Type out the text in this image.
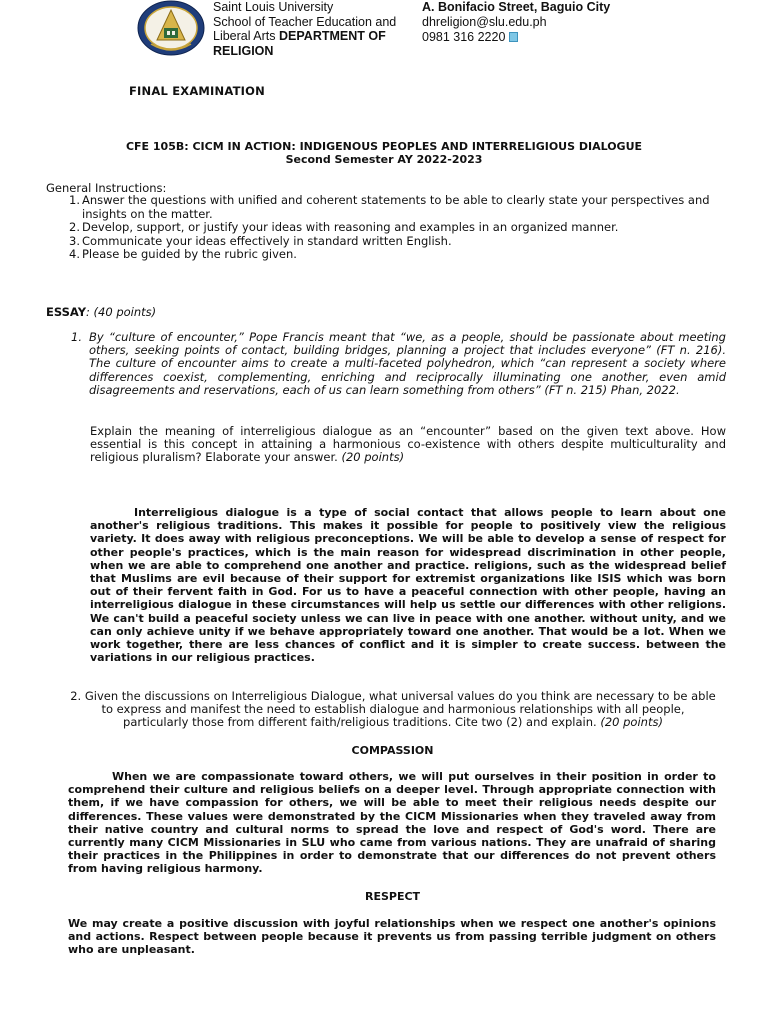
Saint Louis University
School of Teacher Education and
Liberal Arts DEPARTMENT OF
RELIGION
A. Bonifacio Street, Baguio City
dhreligion@slu.edu.ph
0981 316 2220
FINAL EXAMINATION
CFE 105B: CICM IN ACTION: INDIGENOUS PEOPLES AND INTERRELIGIOUS DIALOGUE
Second Semester AY 2022-2023
General Instructions:
1. Answer the questions with unified and coherent statements to be able to clearly state your perspectives and insights on the matter.
2. Develop, support, or justify your ideas with reasoning and examples in an organized manner.
3. Communicate your ideas effectively in standard written English.
4. Please be guided by the rubric given.
ESSAY: (40 points)
1. By “culture of encounter,” Pope Francis meant that “we, as a people, should be passionate about meeting others, seeking points of contact, building bridges, planning a project that includes everyone” (FT n. 216). The culture of encounter aims to create a multi-faceted polyhedron, which “can represent a society where differences coexist, complementing, enriching and reciprocally illuminating one another, even amid disagreements and reservations, each of us can learn something from others” (FT n. 215) Phan, 2022.
Explain the meaning of interreligious dialogue as an “encounter” based on the given text above. How essential is this concept in attaining a harmonious co-existence with others despite multiculturality and religious pluralism? Elaborate your answer. (20 points)
Interreligious dialogue is a type of social contact that allows people to learn about one another's religious traditions. This makes it possible for people to positively view the religious variety. It does away with religious preconceptions. We will be able to develop a sense of respect for other people's practices, which is the main reason for widespread discrimination in other people, when we are able to comprehend one another and practice. religions, such as the widespread belief that Muslims are evil because of their support for extremist organizations like ISIS which was born out of their fervent faith in God. For us to have a peaceful connection with other people, having an interreligious dialogue in these circumstances will help us settle our differences with other religions. We can't build a peaceful society unless we can live in peace with one another. without unity, and we can only achieve unity if we behave appropriately toward one another. That would be a lot. When we work together, there are less chances of conflict and it is simpler to create success. between the variations in our religious practices.
2. Given the discussions on Interreligious Dialogue, what universal values do you think are necessary to be able to express and manifest the need to establish dialogue and harmonious relationships with all people, particularly those from different faith/religious traditions. Cite two (2) and explain. (20 points)
COMPASSION
When we are compassionate toward others, we will put ourselves in their position in order to comprehend their culture and religious beliefs on a deeper level. Through appropriate connection with them, if we have compassion for others, we will be able to meet their religious needs despite our differences. These values were demonstrated by the CICM Missionaries when they traveled away from their native country and cultural norms to spread the love and respect of God's word. There are currently many CICM Missionaries in SLU who came from various nations. They are unafraid of sharing their practices in the Philippines in order to demonstrate that our differences do not prevent others from having religious harmony.
RESPECT
We may create a positive discussion with joyful relationships when we respect one another's opinions and actions. Respect between people because it prevents us from passing terrible judgment on others who are unpleasant.
